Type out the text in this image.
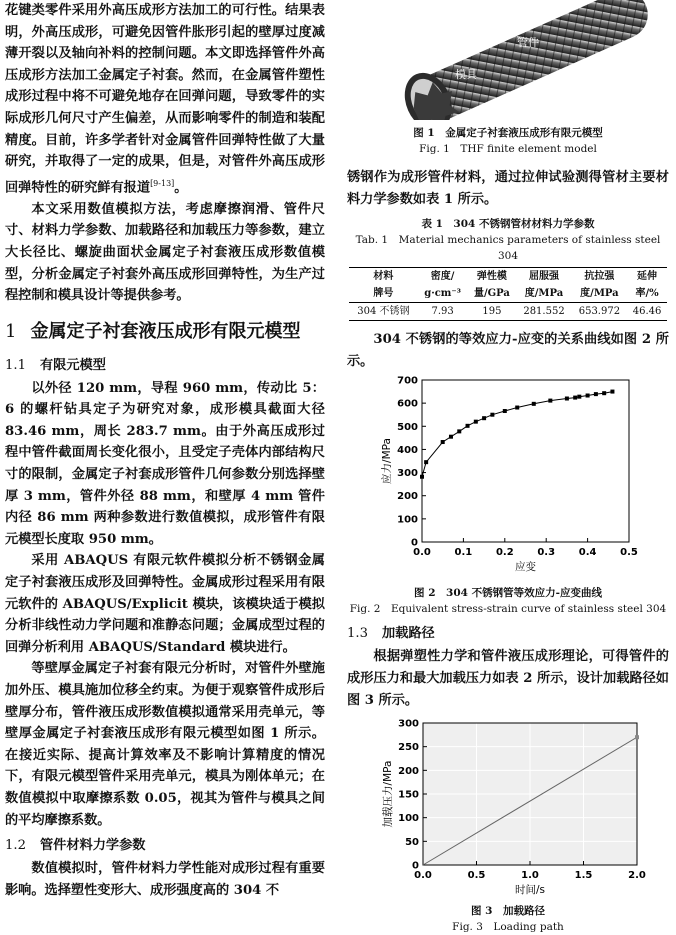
花键类零件采用外高压成形方法加工的可行性。结果表明，外高压成形，可避免因管件胀形引起的壁厚过度减薄开裂以及轴向补料的控制问题。本文即选择管件外高压成形方法加工金属定子衬套。然而，在金属管件塑性成形过程中将不可避免地存在回弹问题，导致零件的实际成形几何尺寸产生偏差，从而影响零件的制造和装配精度。目前，许多学者针对金属管件回弹特性做了大量研究，并取得了一定的成果，但是，对管件外高压成形回弹特性的研究鲜有报道[9-13]。

本文采用数值模拟方法，考虑摩擦润滑、管件尺寸、材料力学参数、加载路径和加载压力等参数，建立大长径比、螺旋曲面状金属定子衬套液压成形数值模型，分析金属定子衬套外高压成形回弹特性，为生产过程控制和模具设计等提供参考。

1 金属定子衬套液压成形有限元模型
1.1 有限元模型

以外径 120 mm，导程 960 mm，传动比 5：6 的螺杆钻具定子为研究对象，成形模具截面大径 83.46 mm，周长 283.7 mm。由于外高压成形过程中管件截面周长变化很小，且受定子壳体内部结构尺寸的限制，金属定子衬套成形管件几何参数分别选择壁厚 3 mm，管件外径 88 mm，和壁厚 4 mm 管件内径 86 mm 两种参数进行数值模拟，成形管件有限元模型长度取 950 mm。

采用 ABAQUS 有限元软件模拟分析不锈钢金属定子衬套液压成形及回弹特性。金属成形过程采用有限元软件的 ABAQUS/Explicit 模块，该模块适于模拟分析非线性动力学问题和准静态问题；金属成型过程的回弹分析利用 ABAQUS/Standard 模块进行。

等壁厚金属定子衬套有限元分析时，对管件外壁施加外压、模具施加位移全约束。为便于观察管件成形后壁厚分布，管件液压成形数值模拟通常采用壳单元，等壁厚金属定子衬套液压成形有限元模型如图 1 所示。在接近实际、提高计算效率及不影响计算精度的情况下，有限元模型管件采用壳单元，模具为刚体单元；在数值模拟中取摩擦系数 0.05，视其为管件与模具之间的平均摩擦系数。

1.2 管件材料力学参数

数值模拟时，管件材料力学性能对成形过程有重要影响。选择塑性变形大、成形强度高的 304 不

管件
模具
图 1　金属定子衬套液压成形有限元模型
Fig. 1　THF finite element model

锈钢作为成形管件材料，通过拉伸试验测得管材主要材料力学参数如表 1 所示。

表 1　304 不锈钢管材材料力学参数
Tab. 1　Material mechanics parameters of stainless steel 304
材料	密度/	弹性模	屈服强	抗拉强	延伸
牌号	g·cm⁻³	量/GPa	度/MPa	度/MPa	率/%
304 不锈钢	7.93	195	281.552	653.972	46.46

304 不锈钢的等效应力-应变的关系曲线如图 2 所示。

0.0 0.1 0.2 0.3 0.4 0.5
0
100
200
300
400
500
600
700
应变
应力/MPa
图 2　304 不锈钢管等效应力-应变曲线
Fig. 2　Equivalent stress-strain curve of stainless steel 304
1.3 加载路径

根据弹塑性力学和管件液压成形理论，可得管件的成形压力和最大加载压力如表 2 所示，设计加载路径如图 3 所示。

0.0	0.5	1.0	1.5	2.0
0
50
100
150
200
250
300
时间/s
加载压力/MPa
图 3　加载路径
Fig. 3　Loading path
